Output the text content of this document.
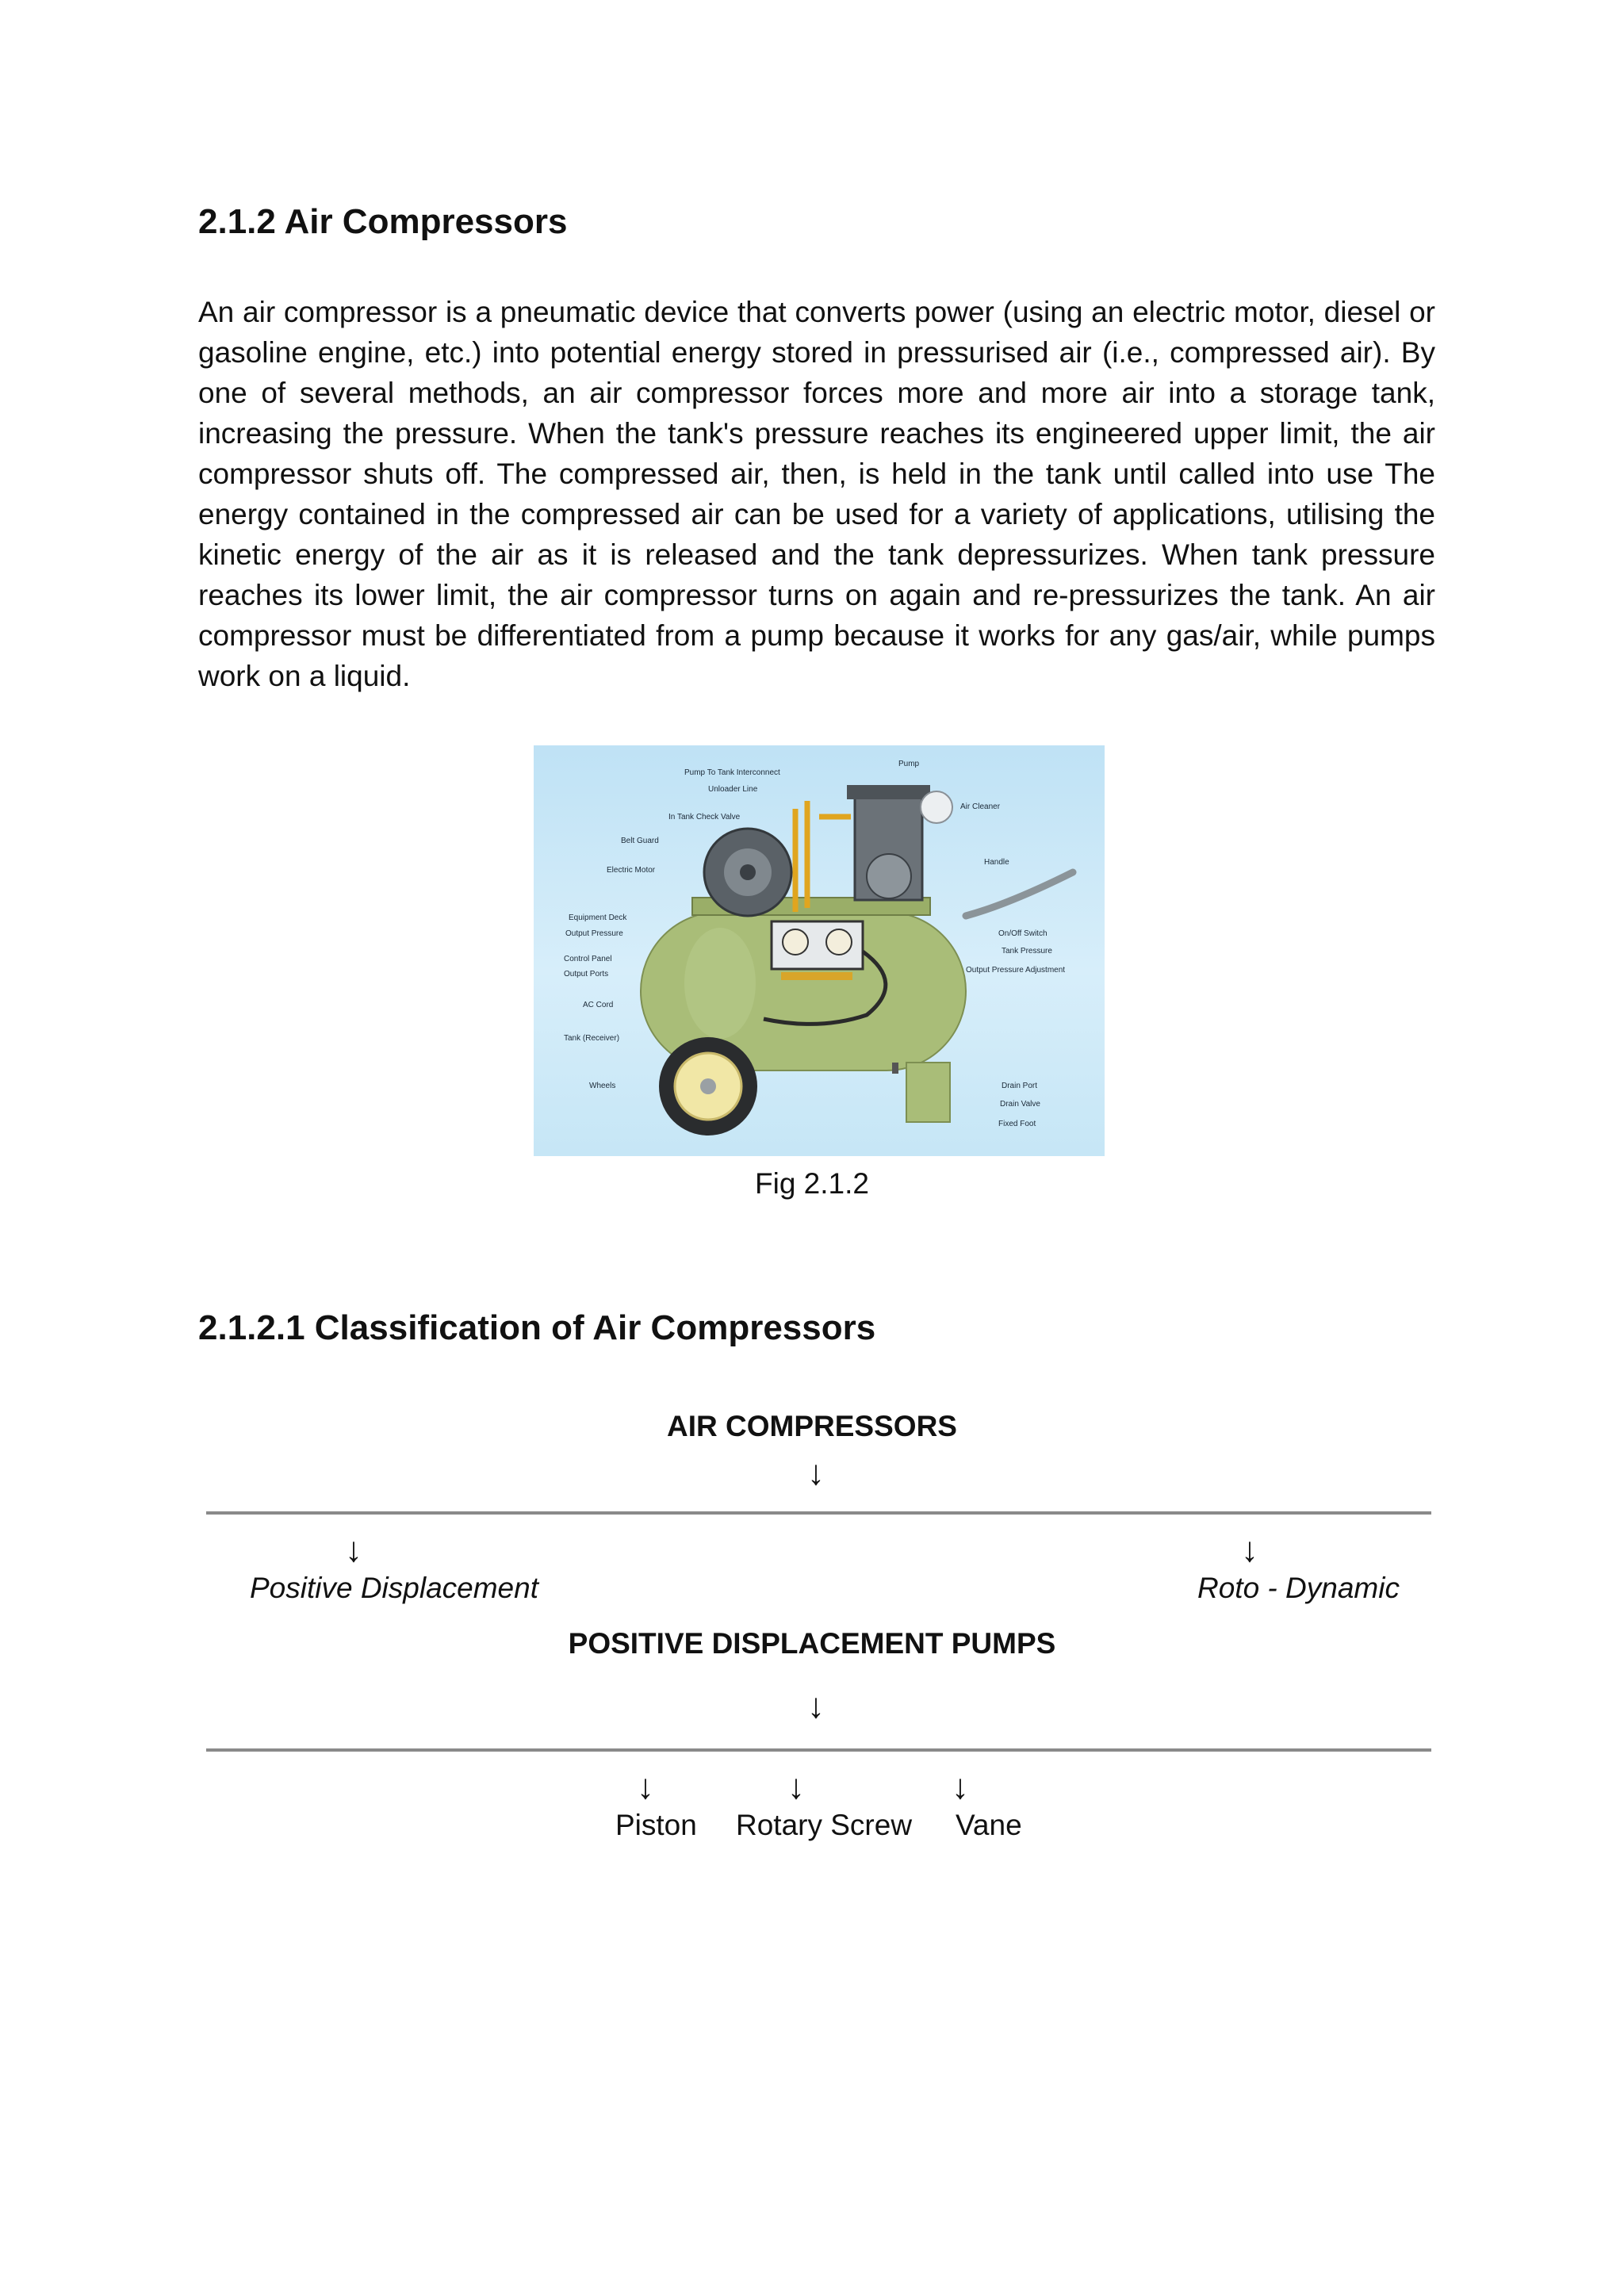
2.1.2 Air Compressors

An air compressor is a pneumatic device that converts power (using an electric motor, diesel or gasoline engine, etc.) into potential energy stored in pressurised air (i.e., compressed air). By one of several methods, an air compressor forces more and more air into a storage tank, increasing the pressure. When the tank's pressure reaches its engineered upper limit, the air compressor shuts off. The compressed air, then, is held in the tank until called into use The energy contained in the compressed air can be used for a variety of applications, utilising the kinetic energy of the air as it is released and the tank depressurizes. When tank pressure reaches its lower limit, the air compressor turns on again and re-pressurizes the tank. An air compressor must be differentiated from a pump because it works for any gas/air, while pumps work on a liquid.

Pump To Tank Interconnect
Unloader Line
In Tank Check Valve
Belt Guard
Electric Motor
Equipment Deck
Output Pressure
Control Panel
Output Ports
AC Cord
Tank (Receiver)
Wheels
Pump
Air Cleaner
Handle
On/Off Switch
Tank Pressure
Output Pressure Adjustment
Drain Port
Drain Valve
Fixed Foot
Fig 2.1.2
2.1.2.1 Classification of Air Compressors
AIR COMPRESSORS
↓
↓	↓
Positive Displacement	Roto - Dynamic
POSITIVE DISPLACEMENT PUMPS
↓
↓	↓	↓
Piston Rotary Screw Vane
